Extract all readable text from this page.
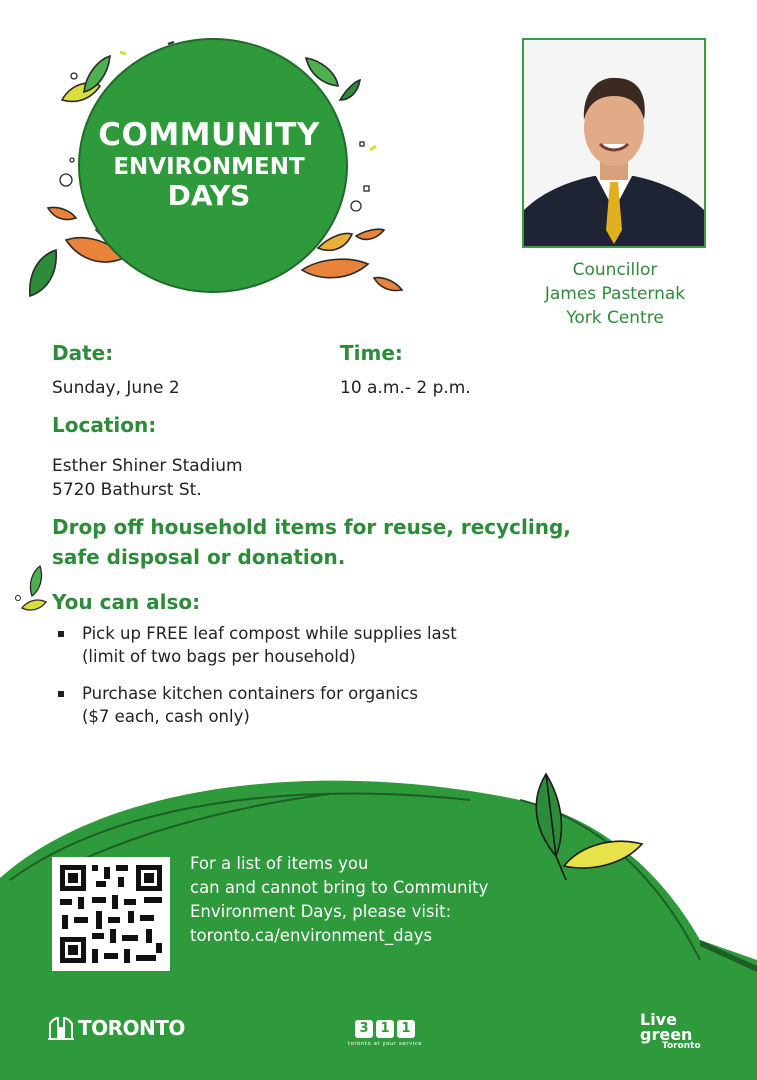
COMMUNITY
ENVIRONMENT
DAYS
Councillor
James Pasternak
York Centre
Date:
Sunday, June 2
Time:
10 a.m.- 2 p.m.
Location:
Esther Shiner Stadium
5720 Bathurst St.
Drop off household items for reuse, recycling,
safe disposal or donation.
You can also:
Pick up FREE leaf compost while supplies last
(limit of two bags per household)
Purchase kitchen containers for organics
($7 each, cash only)
For a list of items you
can and cannot bring to Community
Environment Days, please visit:
toronto.ca/environment_days
TORONTO	3 1 1
toronto at your service
Live
green
Toronto
